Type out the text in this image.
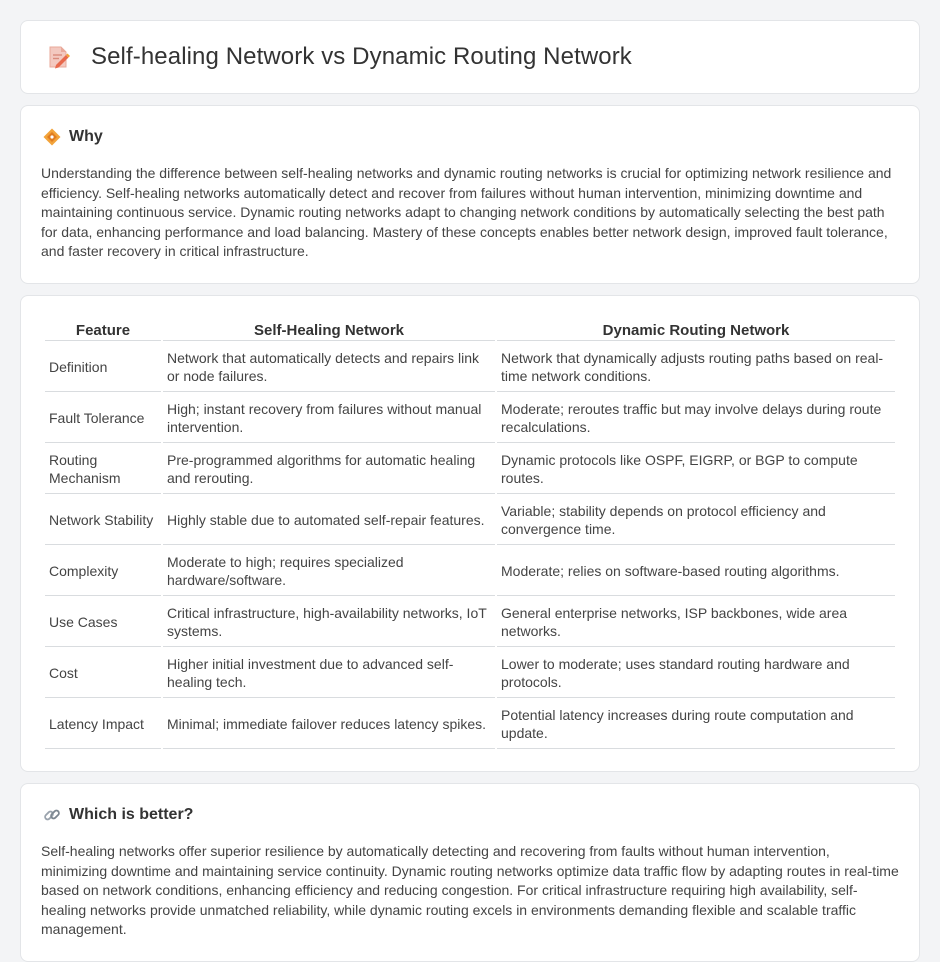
Self-healing Network vs Dynamic Routing Network
Why

Understanding the difference between self-healing networks and dynamic routing networks is crucial for optimizing network resilience and efficiency. Self-healing networks automatically detect and recover from failures without human intervention, minimizing downtime and maintaining continuous service. Dynamic routing networks adapt to changing network conditions by automatically selecting the best path for data, enhancing performance and load balancing. Mastery of these concepts enables better network design, improved fault tolerance, and faster recovery in critical infrastructure.

Feature	Self-Healing Network	Dynamic Routing Network
Definition	Network that automatically detects and repairs link or node failures.	Network that dynamically adjusts routing paths based on real-time network conditions.
Fault Tolerance	High; instant recovery from failures without manual intervention.	Moderate; reroutes traffic but may involve delays during route recalculations.
Routing Mechanism	Pre-programmed algorithms for automatic healing and rerouting.	Dynamic protocols like OSPF, EIGRP, or BGP to compute routes.
Network Stability	Highly stable due to automated self-repair features.	Variable; stability depends on protocol efficiency and convergence time.
Complexity	Moderate to high; requires specialized hardware/software.	Moderate; relies on software-based routing algorithms.
Use Cases	Critical infrastructure, high-availability networks, IoT systems.	General enterprise networks, ISP backbones, wide area networks.
Cost	Higher initial investment due to advanced self-healing tech.	Lower to moderate; uses standard routing hardware and protocols.
Latency Impact	Minimal; immediate failover reduces latency spikes.	Potential latency increases during route computation and update.
Which is better?

Self-healing networks offer superior resilience by automatically detecting and recovering from faults without human intervention, minimizing downtime and maintaining service continuity. Dynamic routing networks optimize data traffic flow by adapting routes in real-time based on network conditions, enhancing efficiency and reducing congestion. For critical infrastructure requiring high availability, self-healing networks provide unmatched reliability, while dynamic routing excels in environments demanding flexible and scalable traffic management.
